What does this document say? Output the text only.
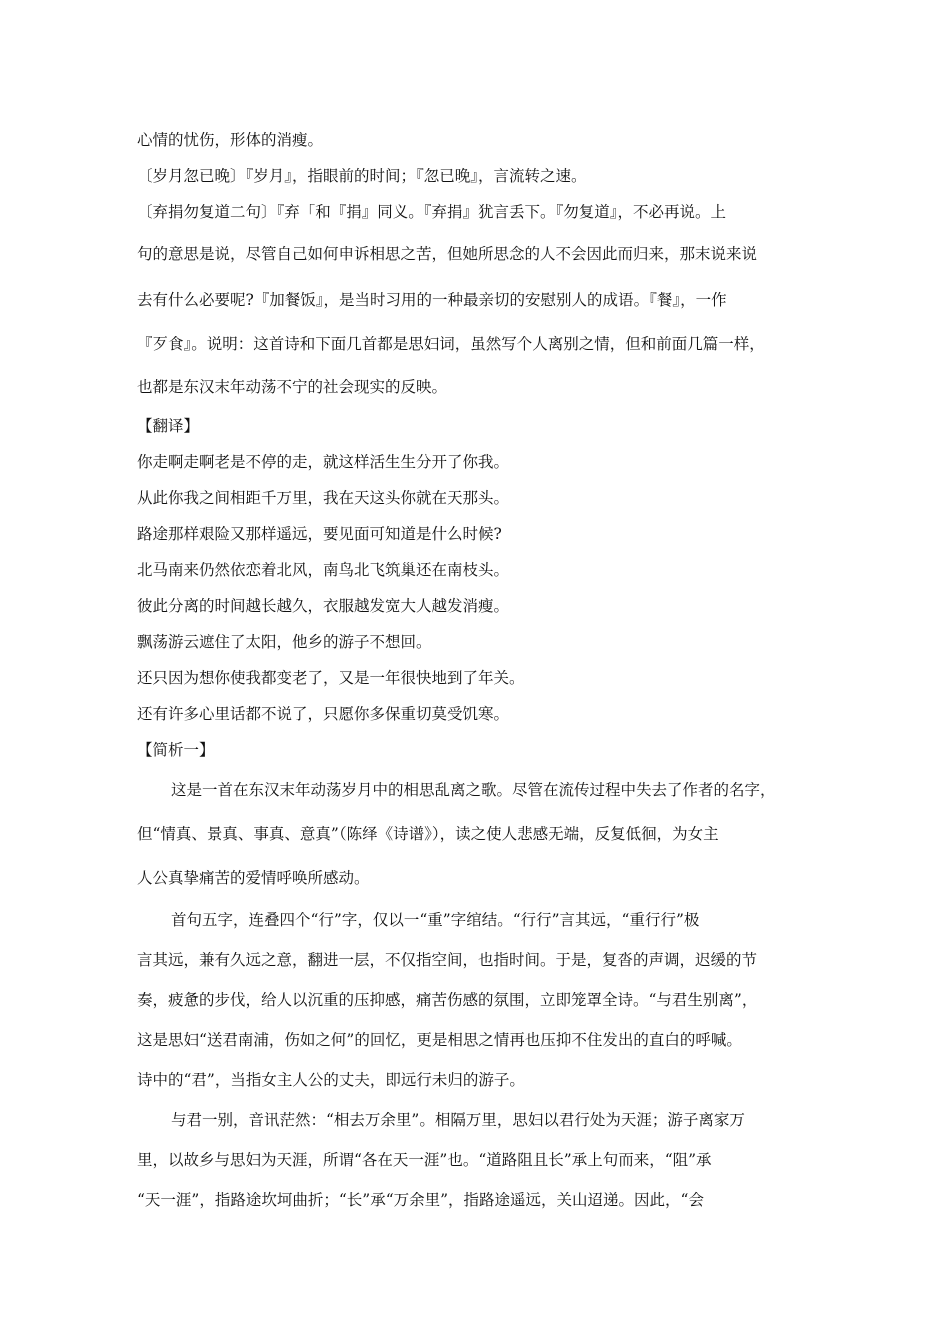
心情的忧伤，形体的消瘦。
〔岁月忽已晚〕『岁月』，指眼前的时间；『忽已晚』，言流转之速。
〔弃捐勿复道二句〕『弃「和『捐』同义。『弃捐』犹言丢下。『勿复道』，不必再说。上
句的意思是说，尽管自己如何申诉相思之苦，但她所思念的人不会因此而归来，那末说来说
去有什么必要呢?『加餐饭』，是当时习用的一种最亲切的安慰别人的成语。『餐』，一作
『歹食』。说明：这首诗和下面几首都是思妇词，虽然写个人离别之情，但和前面几篇一样，
也都是东汉末年动荡不宁的社会现实的反映。
【翻译】
你走啊走啊老是不停的走，就这样活生生分开了你我。
从此你我之间相距千万里，我在天这头你就在天那头。
路途那样艰险又那样遥远，要见面可知道是什么时候?
北马南来仍然依恋着北风，南鸟北飞筑巢还在南枝头。
彼此分离的时间越长越久，衣服越发宽大人越发消瘦。
飘荡游云遮住了太阳，他乡的游子不想回。
还只因为想你使我都变老了，又是一年很快地到了年关。
还有许多心里话都不说了，只愿你多保重切莫受饥寒。
【简析一】
这是一首在东汉末年动荡岁月中的相思乱离之歌。尽管在流传过程中失去了作者的名字，
但“情真、景真、事真、意真”（陈绎《诗谱》），读之使人悲感无端，反复低徊，为女主
人公真挚痛苦的爱情呼唤所感动。
首句五字，连叠四个“行”字，仅以一“重”字绾结。“行行”言其远，“重行行”极
言其远，兼有久远之意，翻进一层，不仅指空间，也指时间。于是，复沓的声调，迟缓的节
奏，疲惫的步伐，给人以沉重的压抑感，痛苦伤感的氛围，立即笼罩全诗。“与君生别离”，
这是思妇“送君南浦，伤如之何”的回忆，更是相思之情再也压抑不住发出的直白的呼喊。
诗中的“君”，当指女主人公的丈夫，即远行未归的游子。
与君一别，音讯茫然：“相去万余里”。相隔万里，思妇以君行处为天涯；游子离家万
里，以故乡与思妇为天涯，所谓“各在天一涯”也。“道路阻且长”承上句而来，“阻”承
“天一涯”，指路途坎坷曲折；“长”承“万余里”，指路途遥远，关山迢递。因此，“会
